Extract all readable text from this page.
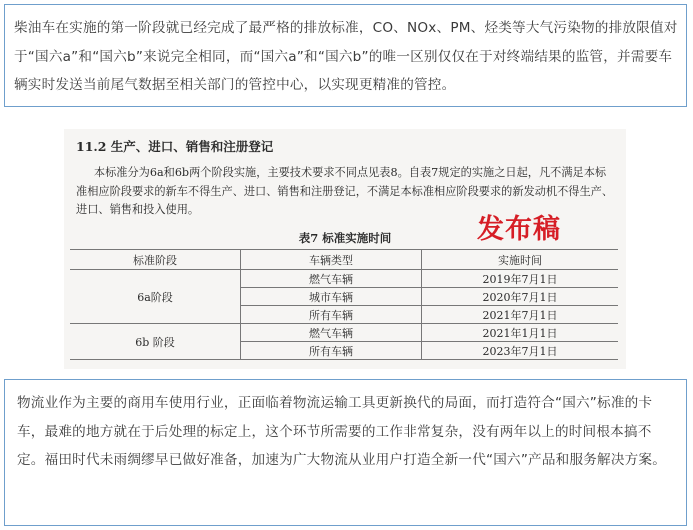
柴油车在实施的第一阶段就已经完成了最严格的排放标准，CO、NOx、PM、烃类等大气污染物的排放限值对于“国六a”和“国六b”来说完全相同，而“国六a”和“国六b”的唯一区别仅仅在于对终端结果的监管，并需要车辆实时发送当前尾气数据至相关部门的管控中心，以实现更精准的管控。
11.2 生产、进口、销售和注册登记
本标准分为6a和6b两个阶段实施，主要技术要求不同点见表8。自表7规定的实施之日起，凡不满足本标准相应阶段要求的新车不得生产、进口、销售和注册登记，不满足本标准相应阶段要求的新发动机不得生产、进口、销售和投入使用。
表7 标准实施时间	发布稿
标准阶段	车辆类型	实施时间
6a阶段	燃气车辆	2019年7月1日
	城市车辆	2020年7月1日
	所有车辆	2021年7月1日
6b 阶段	燃气车辆	2021年1月1日
	所有车辆	2023年7月1日
物流业作为主要的商用车使用行业，正面临着物流运输工具更新换代的局面，而打造符合“国六”标准的卡车，最难的地方就在于后处理的标定上，这个环节所需要的工作非常复杂，没有两年以上的时间根本搞不定。福田时代未雨绸缪早已做好准备，加速为广大物流从业用户打造全新一代“国六”产品和服务解决方案。
